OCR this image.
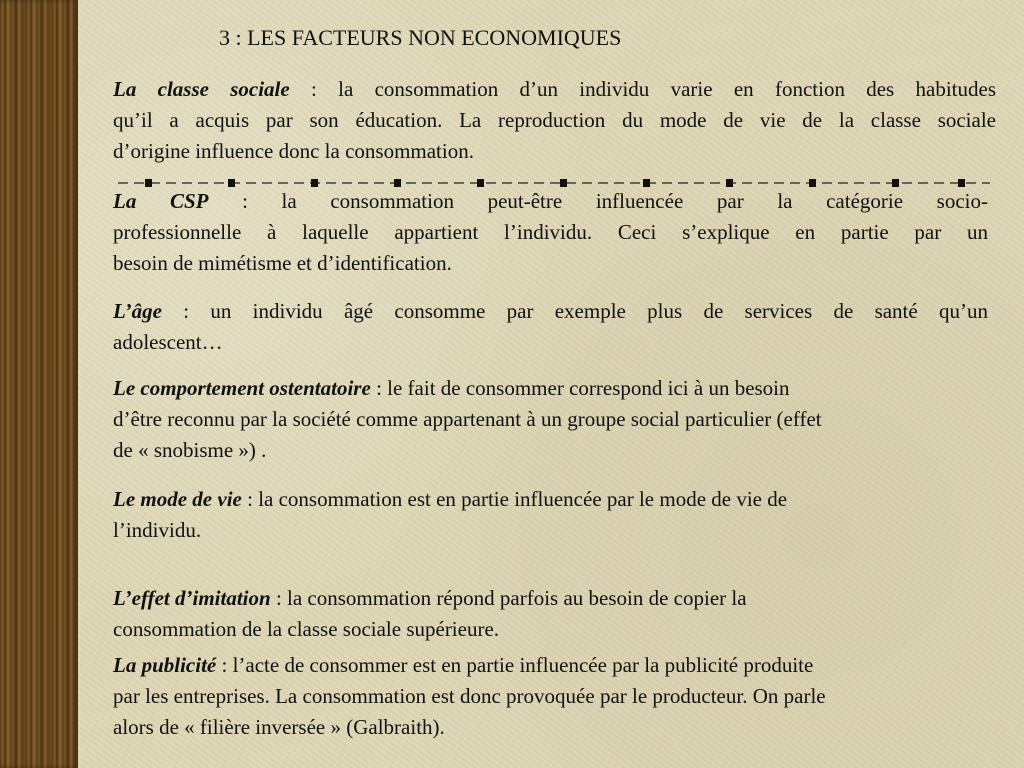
3 : LES FACTEURS NON ECONOMIQUES
La classe sociale : la consommation d’un individu varie en fonction des habitudes
qu’il a acquis par son éducation. La reproduction du mode de vie de la classe sociale
d’origine influence donc la consommation.
La CSP : la consommation peut-être influencée par la catégorie socio-
professionnelle à laquelle appartient l’individu. Ceci s’explique en partie par un
besoin de mimétisme et d’identification.
L’âge : un individu âgé consomme par exemple plus de services de santé qu’un
adolescent…
Le comportement ostentatoire : le fait de consommer correspond ici à un besoin
d’être reconnu par la société comme appartenant à un groupe social particulier (effet
de « snobisme ») .
Le mode de vie : la consommation est en partie influencée par le mode de vie de
l’individu.
L’effet d’imitation : la consommation répond parfois au besoin de copier la
consommation de la classe sociale supérieure.
La publicité : l’acte de consommer est en partie influencée par la publicité produite
par les entreprises. La consommation est donc provoquée par le producteur. On parle
alors de « filière inversée » (Galbraith).
